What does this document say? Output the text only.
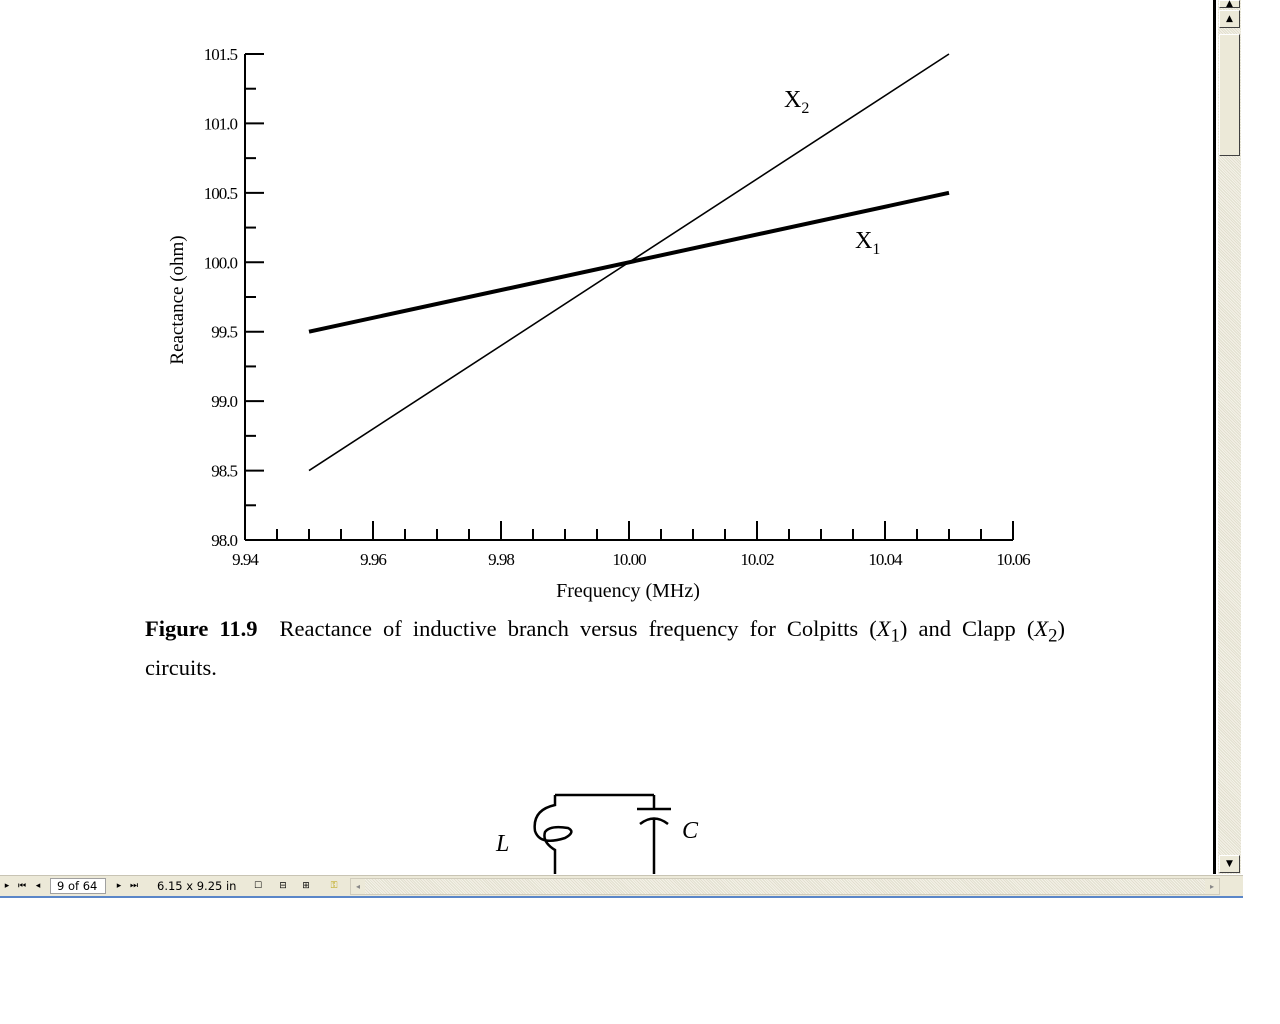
98.0
98.5
99.0
99.5
100.0
100.5
101.0
101.5
9.94	9.96	9.98	10.00	10.02	10.04	10.06
Reactance (ohm)
Frequency (MHz)
$X_2$
$X_1$
Figure 11.9 Reactance of inductive branch versus frequency for Colpitts $(X_1)$ and Clapp $(X_2)$ circuits.
L	C
▲
▲
▼
▸ ⏮	◂	9 of 64	▸ ⏭ 6.15 x 9.25 in	☐	⊟	⊞	⚿	◂	▸
